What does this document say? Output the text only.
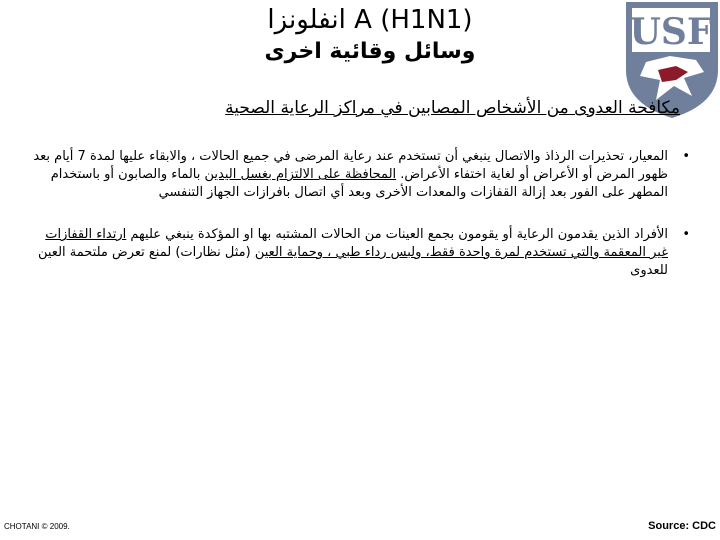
انفلونزا A (H1N1)
وسائل وقائية اخرى	USF
مكافحة العدوى من الأشخاص المصابين في مراكز الرعاية الصحية
•
المعيار، تحذيرات الرذاذ والاتصال ينبغي أن تستخدم عند رعاية المرضى في جميع الحالات ، والابقاء عليها لمدة 7 أيام بعد ظهور المرض أو الأعراض أو لغاية اختفاء الأعراض. المحافظة على الالتزام بغسل اليدين بالماء والصابون أو باستخدام المطهر على الفور بعد إزالة القفازات والمعدات الأخرى وبعد أي اتصال بافرازات الجهاز التنفسي
•
الأفراد الذين يقدمون الرعاية أو يقومون بجمع العينات من الحالات المشتبه بها او المؤكدة ينبغي عليهم ارتداء القفازات غير المعقمة والتي تستخدم لمرة واحدة فقط، ولبس رداء طبي ، وحماية العين (مثل نظارات) لمنع تعرض ملتحمة العين للعدوى
CHOTANI © 2009.	Source: CDC
